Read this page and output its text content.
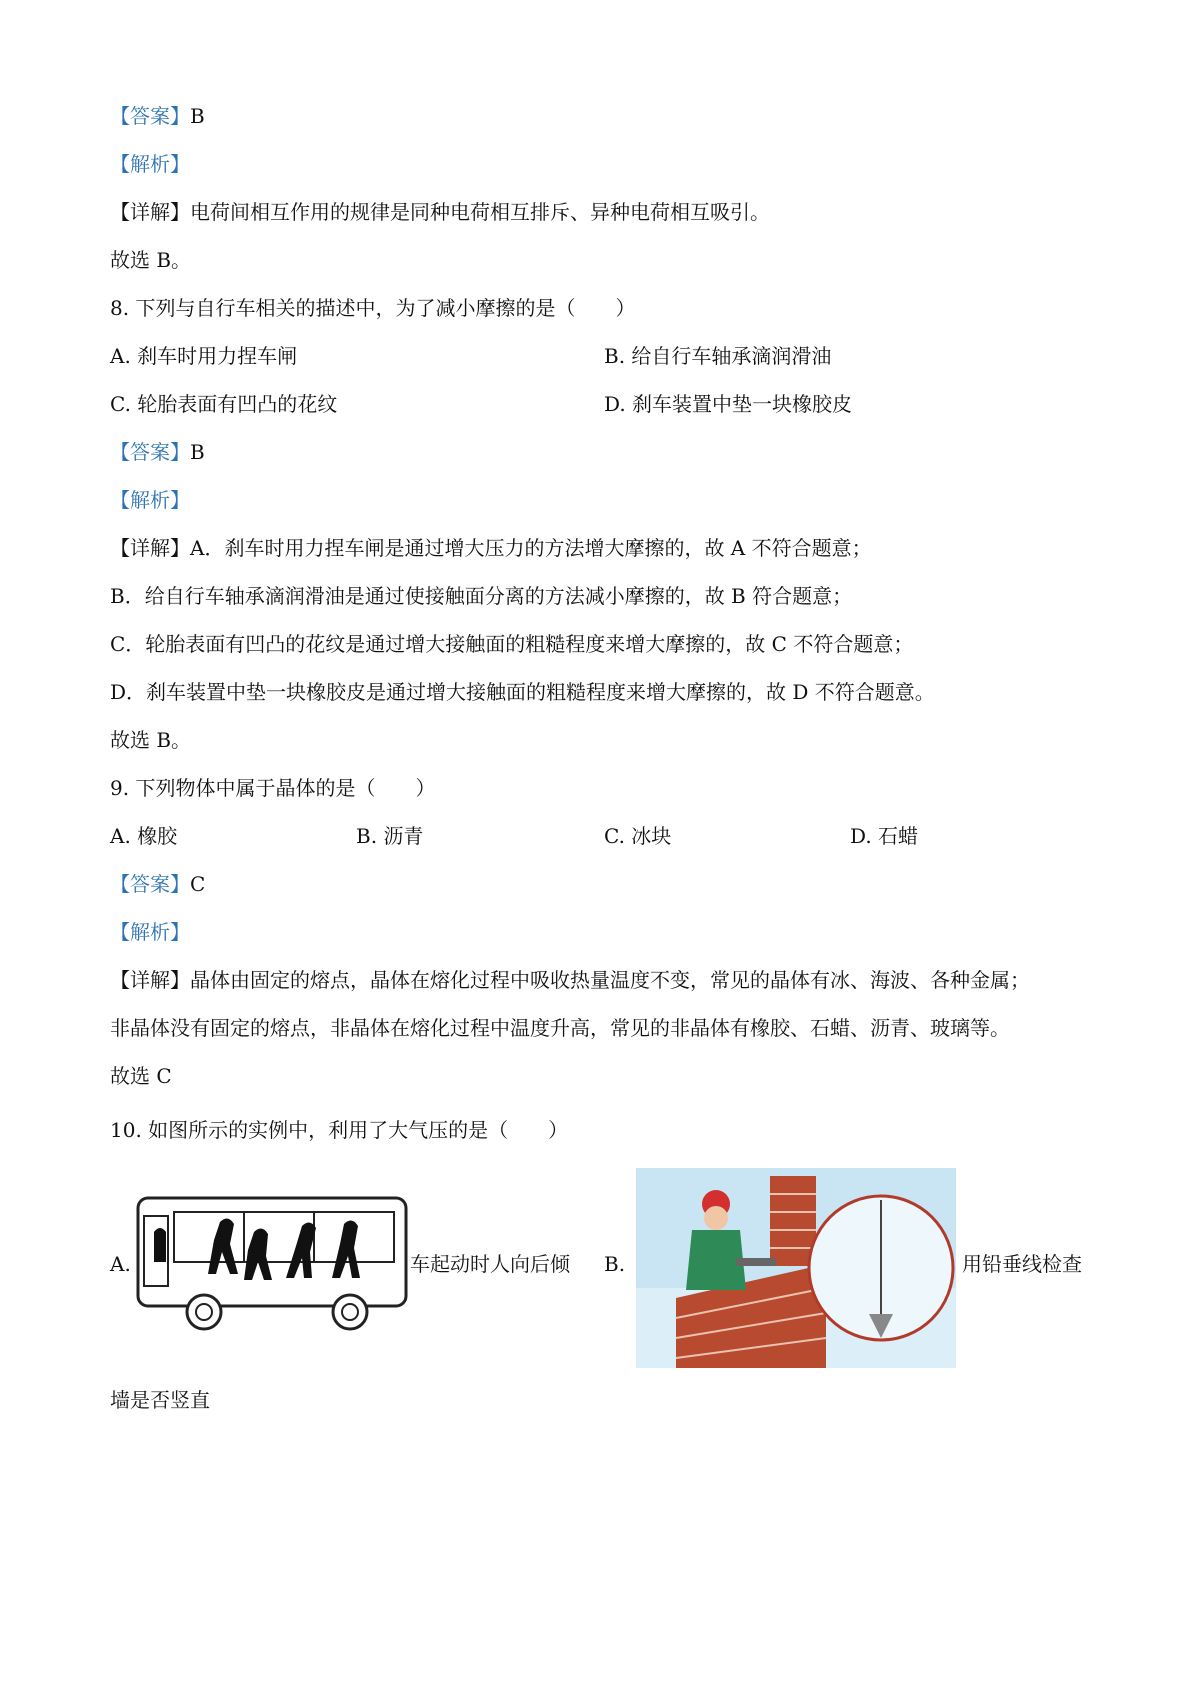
【答案】B
【解析】
【详解】电荷间相互作用的规律是同种电荷相互排斥、异种电荷相互吸引。
故选 B。
8. 下列与自行车相关的描述中，为了减小摩擦的是（　　）
A. 刹车时用力捏车闸	B. 给自行车轴承滴润滑油
C. 轮胎表面有凹凸的花纹	D. 刹车装置中垫一块橡胶皮
【答案】B
【解析】
【详解】A．刹车时用力捏车闸是通过增大压力的方法增大摩擦的，故 A 不符合题意；
B．给自行车轴承滴润滑油是通过使接触面分离的方法减小摩擦的，故 B 符合题意；
C．轮胎表面有凹凸的花纹是通过增大接触面的粗糙程度来增大摩擦的，故 C 不符合题意；
D．刹车装置中垫一块橡胶皮是通过增大接触面的粗糙程度来增大摩擦的，故 D 不符合题意。
故选 B。
9. 下列物体中属于晶体的是（　　）
A. 橡胶	B. 沥青	C. 冰块	D. 石蜡
【答案】C
【解析】
【详解】晶体由固定的熔点，晶体在熔化过程中吸收热量温度不变，常见的晶体有冰、海波、各种金属；
非晶体没有固定的熔点，非晶体在熔化过程中温度升高，常见的非晶体有橡胶、石蜡、沥青、玻璃等。
故选 C
10. 如图所示的实例中，利用了大气压的是（　　）
A.	车起动时人向后倾 B.	用铅垂线检查
墙是否竖直
